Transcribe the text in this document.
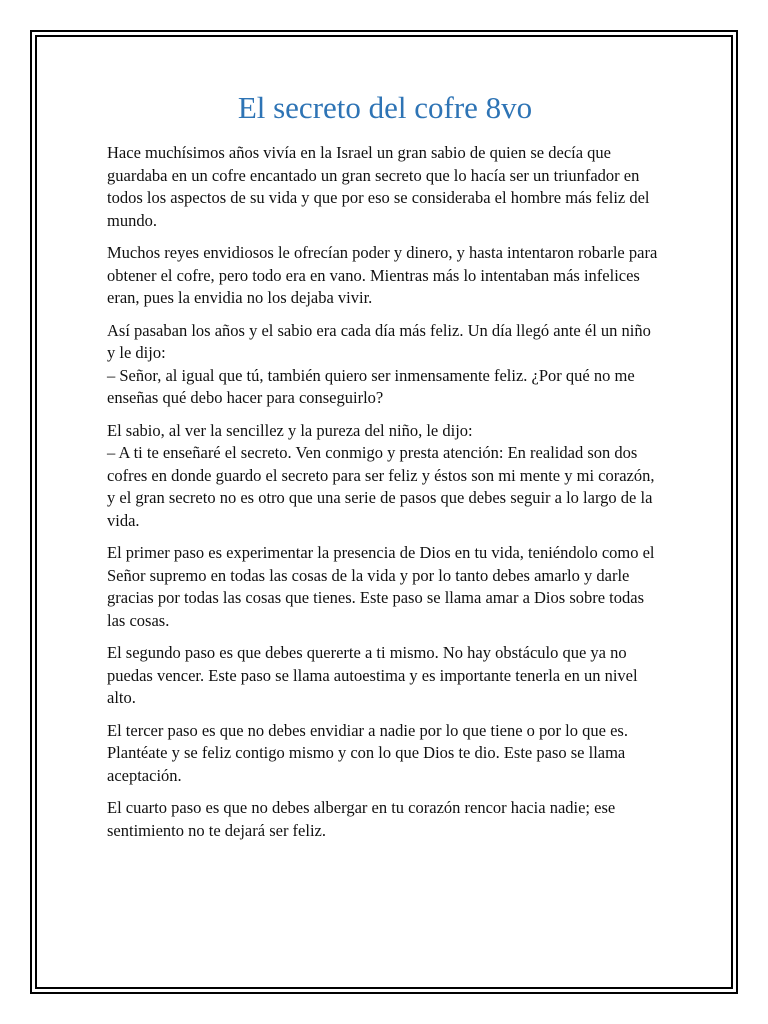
El secreto del cofre 8vo

Hace muchísimos años vivía en la Israel un gran sabio de quien se decía que guardaba en un cofre encantado un gran secreto que lo hacía ser un triunfador en todos los aspectos de su vida y que por eso se consideraba el hombre más feliz del mundo.

Muchos reyes envidiosos le ofrecían poder y dinero, y hasta intentaron robarle para obtener el cofre, pero todo era en vano. Mientras más lo intentaban más infelices eran, pues la envidia no los dejaba vivir.

Así pasaban los años y el sabio era cada día más feliz. Un día llegó ante él un niño y le dijo:
– Señor, al igual que tú, también quiero ser inmensamente feliz. ¿Por qué no me enseñas qué debo hacer para conseguirlo?

El sabio, al ver la sencillez y la pureza del niño, le dijo:
– A ti te enseñaré el secreto. Ven conmigo y presta atención: En realidad son dos cofres en donde guardo el secreto para ser feliz y éstos son mi mente y mi corazón, y el gran secreto no es otro que una serie de pasos que debes seguir a lo largo de la vida.

El primer paso es experimentar la presencia de Dios en tu vida, teniéndolo como el Señor supremo en todas las cosas de la vida y por lo tanto debes amarlo y darle gracias por todas las cosas que tienes. Este paso se llama amar a Dios sobre todas las cosas.

El segundo paso es que debes quererte a ti mismo. No hay obstáculo que ya no puedas vencer. Este paso se llama autoestima y es importante tenerla en un nivel alto.

El tercer paso es que no debes envidiar a nadie por lo que tiene o por lo que es. Plantéate y se feliz contigo mismo y con lo que Dios te dio. Este paso se llama aceptación.

El cuarto paso es que no debes albergar en tu corazón rencor hacia nadie; ese sentimiento no te dejará ser feliz.
